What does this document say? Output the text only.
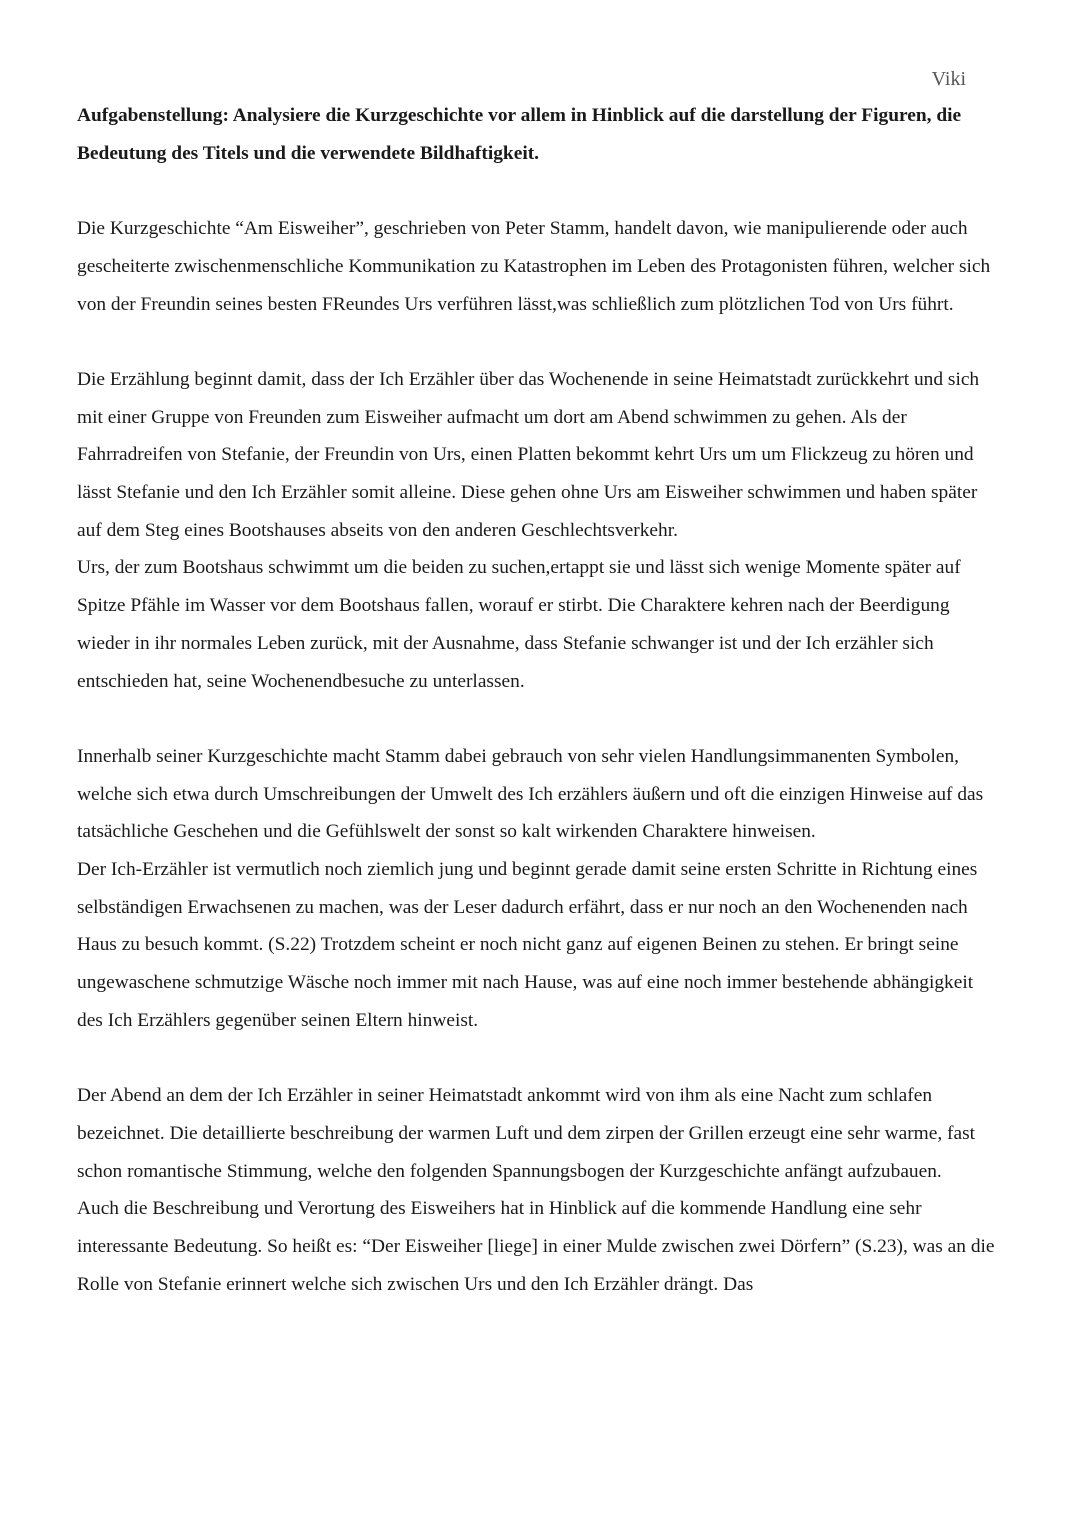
Viki

Aufgabenstellung: Analysiere die Kurzgeschichte vor allem in Hinblick auf die darstellung der Figuren, die Bedeutung des Titels und die verwendete Bildhaftigkeit.

Die Kurzgeschichte “Am Eisweiher”, geschrieben von Peter Stamm, handelt davon, wie manipulierende oder auch gescheiterte zwischenmenschliche Kommunikation zu Katastrophen im Leben des Protagonisten führen, welcher sich von der Freundin seines besten FReundes Urs verführen lässt,was schließlich zum plötzlichen Tod von Urs führt.

Die Erzählung beginnt damit, dass der Ich Erzähler über das Wochenende in seine Heimatstadt zurückkehrt und sich mit einer Gruppe von Freunden zum Eisweiher aufmacht um dort am Abend schwimmen zu gehen. Als der Fahrradreifen von Stefanie, der Freundin von Urs, einen Platten bekommt kehrt Urs um um Flickzeug zu hören und lässt Stefanie und den Ich Erzähler somit alleine. Diese gehen ohne Urs am Eisweiher schwimmen und haben später auf dem Steg eines Bootshauses abseits von den anderen Geschlechtsverkehr.

Urs, der zum Bootshaus schwimmt um die beiden zu suchen,ertappt sie und lässt sich wenige Momente später auf Spitze Pfähle im Wasser vor dem Bootshaus fallen, worauf er stirbt. Die Charaktere kehren nach der Beerdigung wieder in ihr normales Leben zurück, mit der Ausnahme, dass Stefanie schwanger ist und der Ich erzähler sich entschieden hat, seine Wochenendbesuche zu unterlassen.

Innerhalb seiner Kurzgeschichte macht Stamm dabei gebrauch von sehr vielen Handlungsimmanenten Symbolen, welche sich etwa durch Umschreibungen der Umwelt des Ich erzählers äußern und oft die einzigen Hinweise auf das tatsächliche Geschehen und die Gefühlswelt der sonst so kalt wirkenden Charaktere hinweisen.

Der Ich-Erzähler ist vermutlich noch ziemlich jung und beginnt gerade damit seine ersten Schritte in Richtung eines selbständigen Erwachsenen zu machen, was der Leser dadurch erfährt, dass er nur noch an den Wochenenden nach Haus zu besuch kommt. (S.22) Trotzdem scheint er noch nicht ganz auf eigenen Beinen zu stehen. Er bringt seine ungewaschene schmutzige Wäsche noch immer mit nach Hause, was auf eine noch immer bestehende abhängigkeit des Ich Erzählers gegenüber seinen Eltern hinweist.

Der Abend an dem der Ich Erzähler in seiner Heimatstadt ankommt wird von ihm als eine Nacht zum schlafen bezeichnet. Die detaillierte beschreibung der warmen Luft und dem zirpen der Grillen erzeugt eine sehr warme, fast schon romantische Stimmung, welche den folgenden Spannungsbogen der Kurzgeschichte anfängt aufzubauen.

Auch die Beschreibung und Verortung des Eisweihers hat in Hinblick auf die kommende Handlung eine sehr interessante Bedeutung. So heißt es: “Der Eisweiher [liege] in einer Mulde zwischen zwei Dörfern” (S.23), was an die Rolle von Stefanie erinnert welche sich zwischen Urs und den Ich Erzähler drängt. Das
